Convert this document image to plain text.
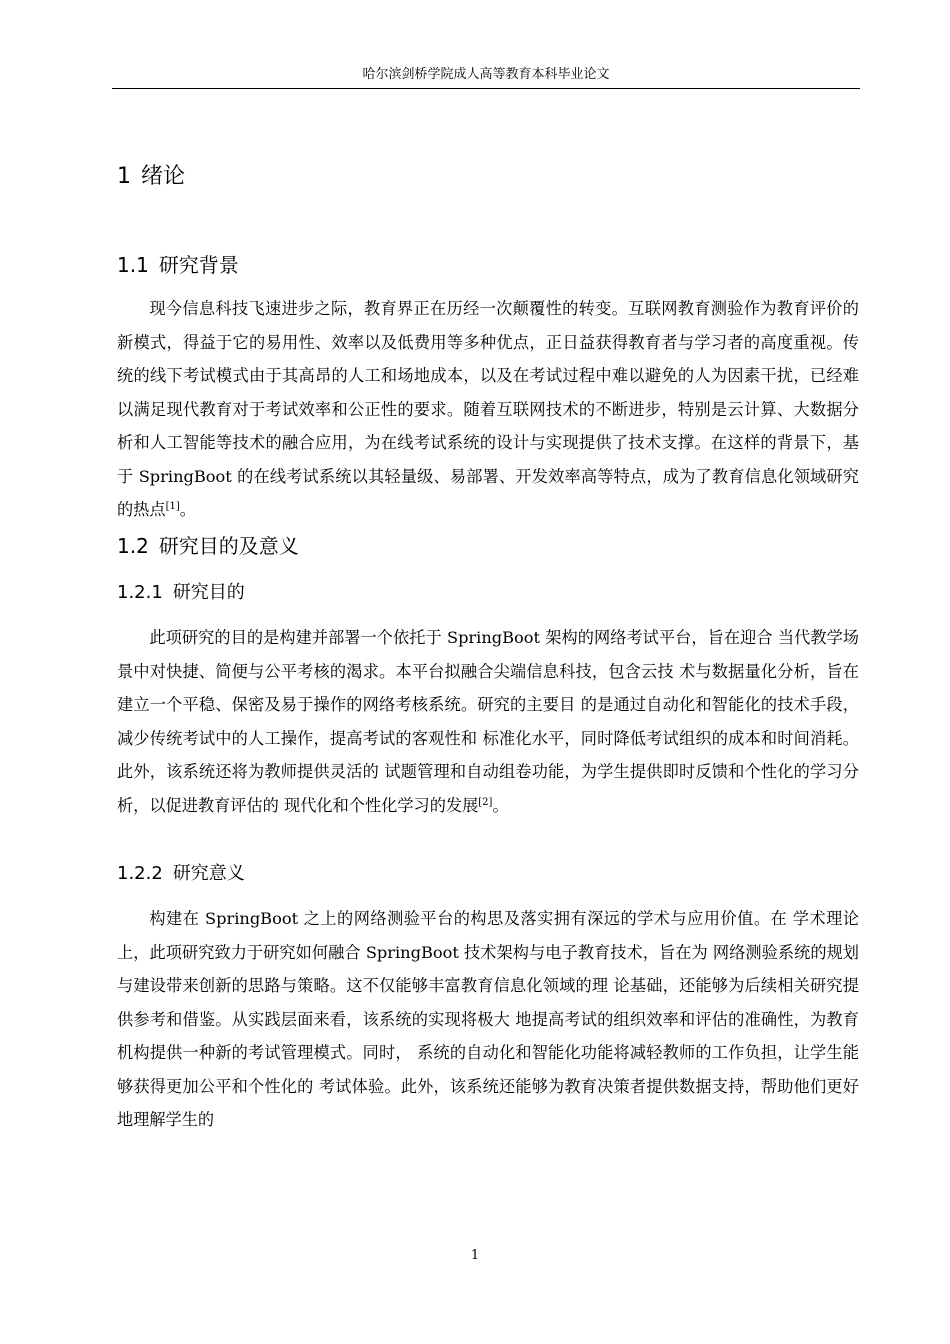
哈尔滨剑桥学院成人高等教育本科毕业论文
1 绪论
1.1 研究背景

现今信息科技飞速进步之际，教育界正在历经一次颠覆性的转变。互联网教育测验作为教育评价的新模式，得益于它的易用性、效率以及低费用等多种优点，正日益获得教育者与学习者的高度重视。传统的线下考试模式由于其高昂的人工和场地成本，以及在考试过程中难以避免的人为因素干扰，已经难以满足现代教育对于考试效率和公正性的要求。随着互联网技术的不断进步，特别是云计算、大数据分析和人工智能等技术的融合应用，为在线考试系统的设计与实现提供了技术支撑。在这样的背景下，基于 SpringBoot 的在线考试系统以其轻量级、易部署、开发效率高等特点，成为了教育信息化领域研究的热点[1]。

1.2 研究目的及意义
1.2.1 研究目的

此项研究的目的是构建并部署一个依托于 SpringBoot 架构的网络考试平台，旨在迎合 当代教学场景中对快捷、简便与公平考核的渴求。本平台拟融合尖端信息科技，包含云技 术与数据量化分析，旨在建立一个平稳、保密及易于操作的网络考核系统。研究的主要目 的是通过自动化和智能化的技术手段，减少传统考试中的人工操作，提高考试的客观性和 标准化水平，同时降低考试组织的成本和时间消耗。此外，该系统还将为教师提供灵活的 试题管理和自动组卷功能，为学生提供即时反馈和个性化的学习分析，以促进教育评估的 现代化和个性化学习的发展[2]。

1.2.2 研究意义

构建在 SpringBoot 之上的网络测验平台的构思及落实拥有深远的学术与应用价值。在 学术理论上，此项研究致力于研究如何融合 SpringBoot 技术架构与电子教育技术，旨在为 网络测验系统的规划与建设带来创新的思路与策略。这不仅能够丰富教育信息化领域的理 论基础，还能够为后续相关研究提供参考和借鉴。从实践层面来看，该系统的实现将极大 地提高考试的组织效率和评估的准确性，为教育机构提供一种新的考试管理模式。同时， 系统的自动化和智能化功能将减轻教师的工作负担，让学生能够获得更加公平和个性化的 考试体验。此外，该系统还能够为教育决策者提供数据支持，帮助他们更好地理解学生的

1
